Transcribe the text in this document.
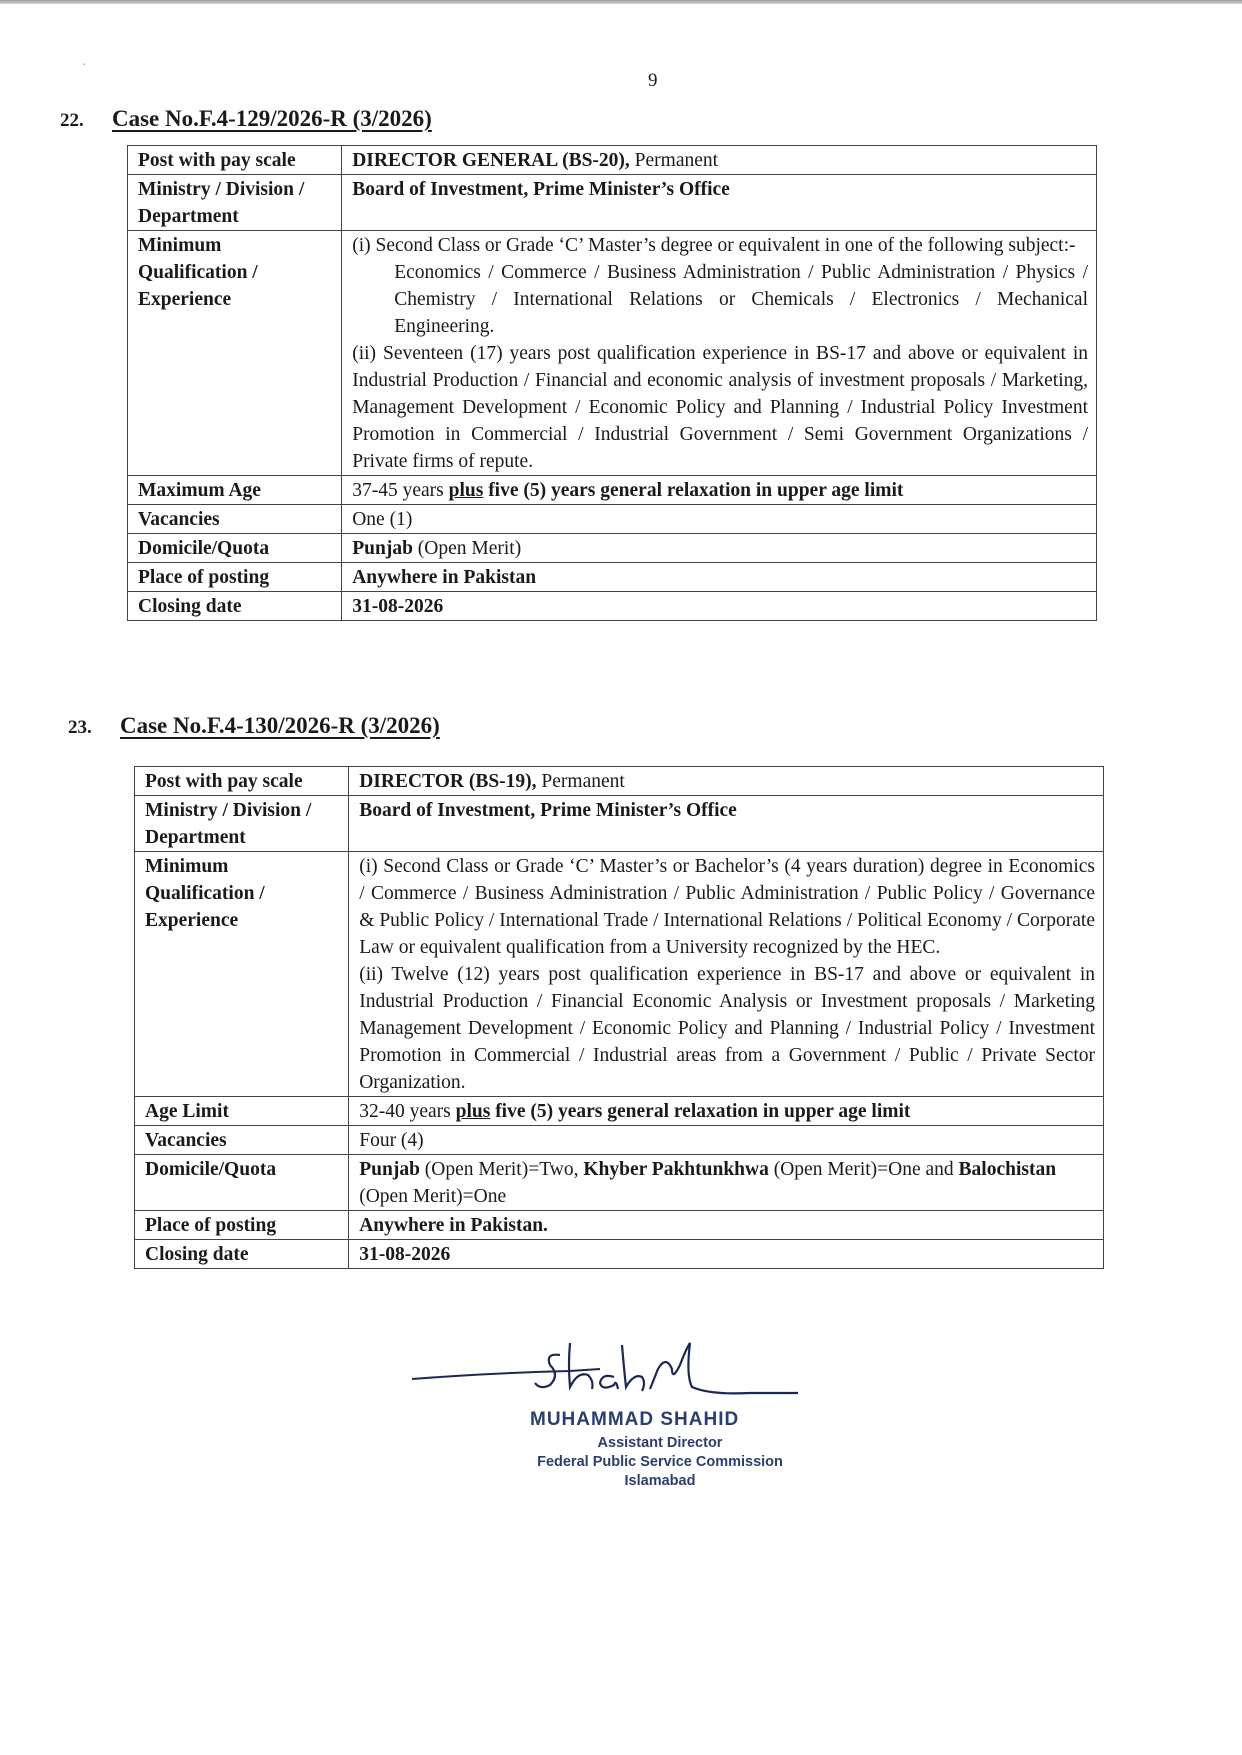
·
9
22. Case No.F.4-129/2026-R (3/2026)
Post with pay scale	DIRECTOR GENERAL (BS-20), Permanent
Ministry / Division / Department	Board of Investment, Prime Minister’s Office
Minimum Qualification / Experience	(i) Second Class or Grade ‘C’ Master’s degree or equivalent in one of the following subject:-
Economics / Commerce / Business Administration / Public Administration / Physics / Chemistry / International Relations or Chemicals / Electronics / Mechanical Engineering.
(ii) Seventeen (17) years post qualification experience in BS-17 and above or equivalent in Industrial Production / Financial and economic analysis of investment proposals / Marketing, Management Development / Economic Policy and Planning / Industrial Policy Investment Promotion in Commercial / Industrial Government / Semi Government Organizations / Private firms of repute.

Maximum Age	37-45 years plus five (5) years general relaxation in upper age limit
Vacancies	One (1)
Domicile/Quota	Punjab (Open Merit)
Place of posting	Anywhere in Pakistan
Closing date	31-08-2026
23. Case No.F.4-130/2026-R (3/2026)
Post with pay scale	DIRECTOR (BS-19), Permanent
Ministry / Division / Department	Board of Investment, Prime Minister’s Office
Minimum Qualification / Experience	(i) Second Class or Grade ‘C’ Master’s or Bachelor’s (4 years duration) degree in Economics / Commerce / Business Administration / Public Administration / Public Policy / Governance & Public Policy / International Trade / International Relations / Political Economy / Corporate Law or equivalent qualification from a University recognized by the HEC.
(ii) Twelve (12) years post qualification experience in BS-17 and above or equivalent in Industrial Production / Financial Economic Analysis or Investment proposals / Marketing Management Development / Economic Policy and Planning / Industrial Policy / Investment Promotion in Commercial / Industrial areas from a Government / Public / Private Sector Organization.

Age Limit	32-40 years plus five (5) years general relaxation in upper age limit
Vacancies	Four (4)
Domicile/Quota	Punjab (Open Merit)=Two, Khyber Pakhtunkhwa (Open Merit)=One and Balochistan (Open Merit)=One
Place of posting	Anywhere in Pakistan.
Closing date	31-08-2026
MUHAMMAD SHAHID
Assistant Director
Federal Public Service Commission
Islamabad
